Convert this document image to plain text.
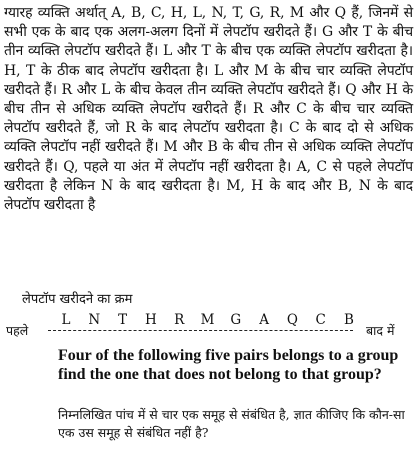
ग्यारह व्यक्ति अर्थात् A, B, C, H, L, N, T, G, R, M और Q हैं, जिनमें से सभी एक के बाद एक अलग-अलग दिनों में लेपटॉप खरीदते हैं। G और T के बीच तीन व्यक्ति लेपटॉप खरीदते हैं। L और T के बीच एक व्यक्ति लेपटॉप खरीदता है। H, T के ठीक बाद लेपटॉप खरीदता है। L और M के बीच चार व्यक्ति लेपटॉप खरीदते हैं। R और L के बीच केवल तीन व्यक्ति लेपटॉप खरीदते हैं। Q और H के बीच तीन से अधिक व्यक्ति लेपटॉप खरीदते हैं। R और C के बीच चार व्यक्ति लेपटॉप खरीदते हैं, जो R के बाद लेपटॉप खरीदता है। C के बाद दो से अधिक व्यक्ति लेपटॉप नहीं खरीदते हैं। M और B के बीच तीन से अधिक व्यक्ति लेपटॉप खरीदते हैं। Q, पहले या अंत में लेपटॉप नहीं खरीदता है। A, C से पहले लेपटॉप खरीदता है लेकिन N के बाद खरीदता है। M, H के बाद और B, N के बाद लेपटॉप खरीदता है

लेपटॉप खरीदने का क्रम
पहले
L N T H R M G A Q C B
बाद में
Four of the following five pairs belongs to a group find the one that does not belong to that group?
निम्नलिखित पांच में से चार एक समूह से संबंधित है, ज्ञात कीजिए कि कौन-सा एक उस समूह से संबंधित नहीं है?
